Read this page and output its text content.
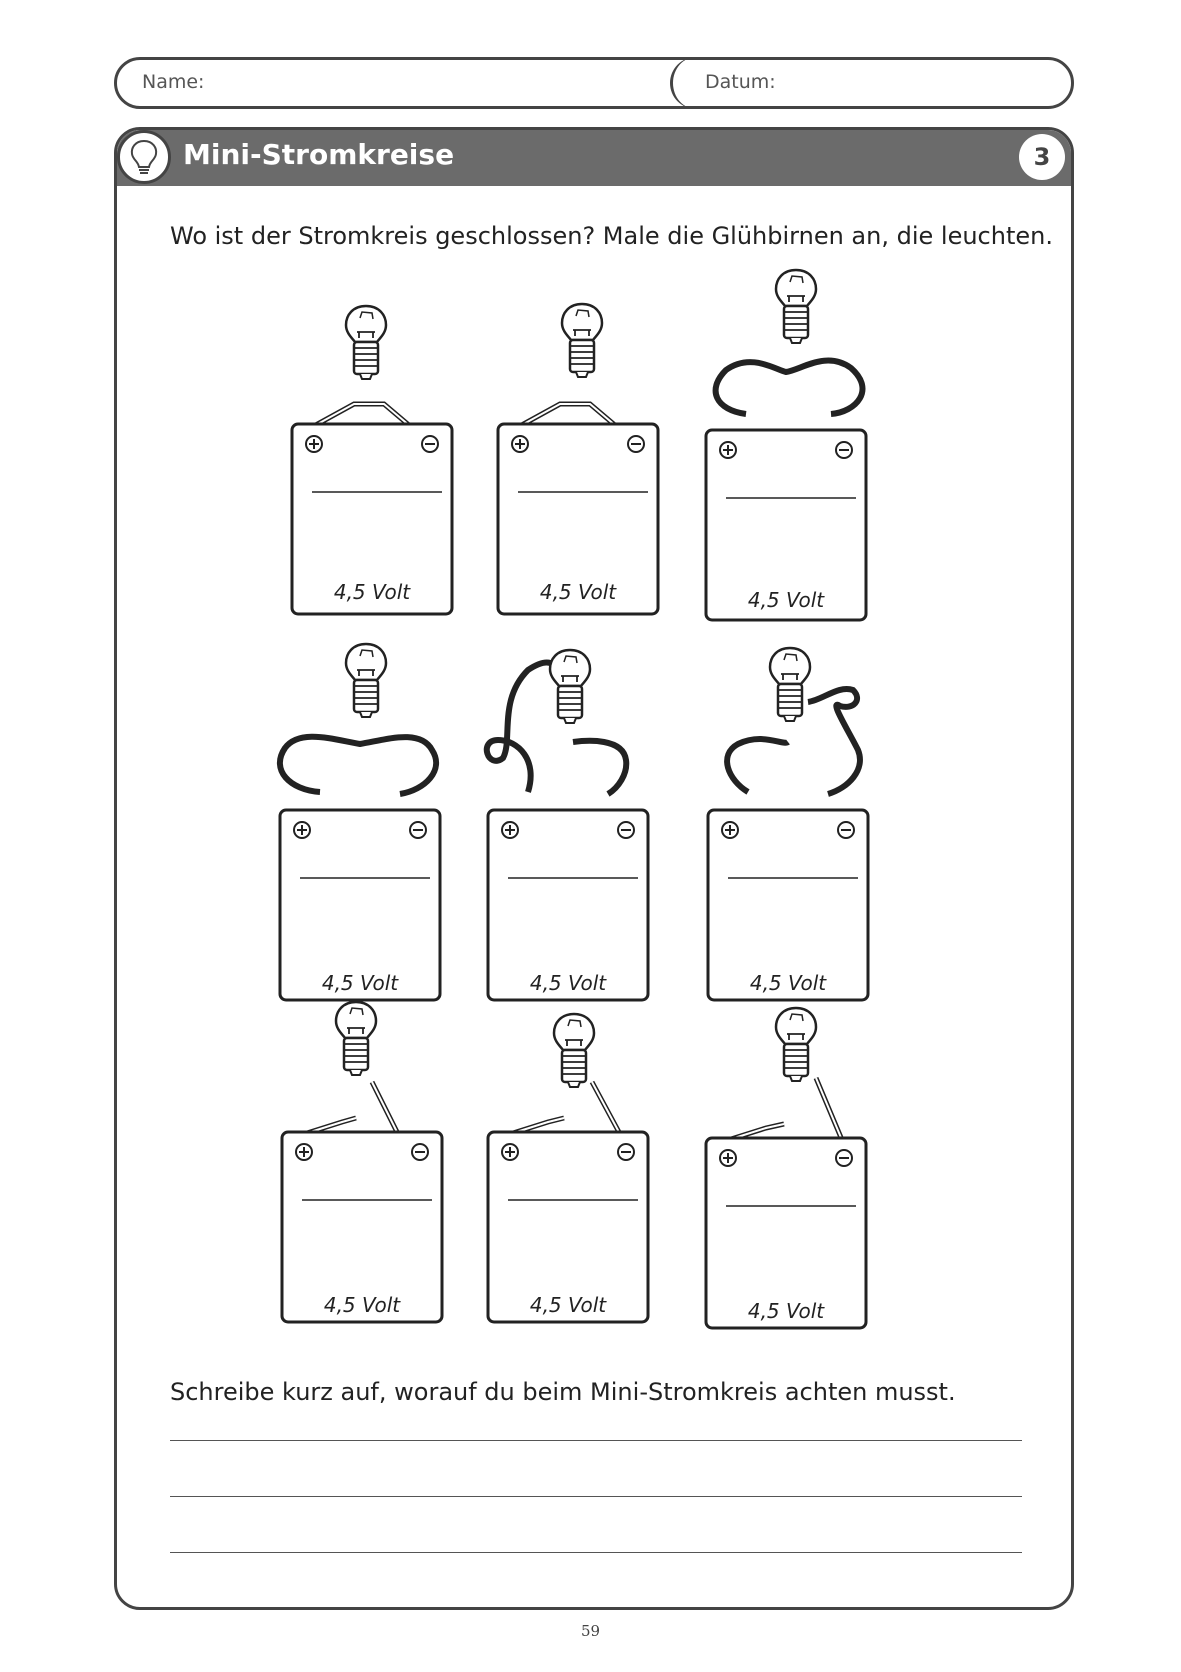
Name:	Datum:
Mini-Stromkreise	3
Wo ist der Stromkreis geschlossen? Male die Glühbirnen an, die leuchten.
4,5 Volt	4,5 Volt	4,5 Volt
4,5 Volt	4,5 Volt	4,5 Volt
4,5 Volt	4,5 Volt	4,5 Volt
Schreibe kurz auf, worauf du beim Mini-Stromkreis achten musst.
59
